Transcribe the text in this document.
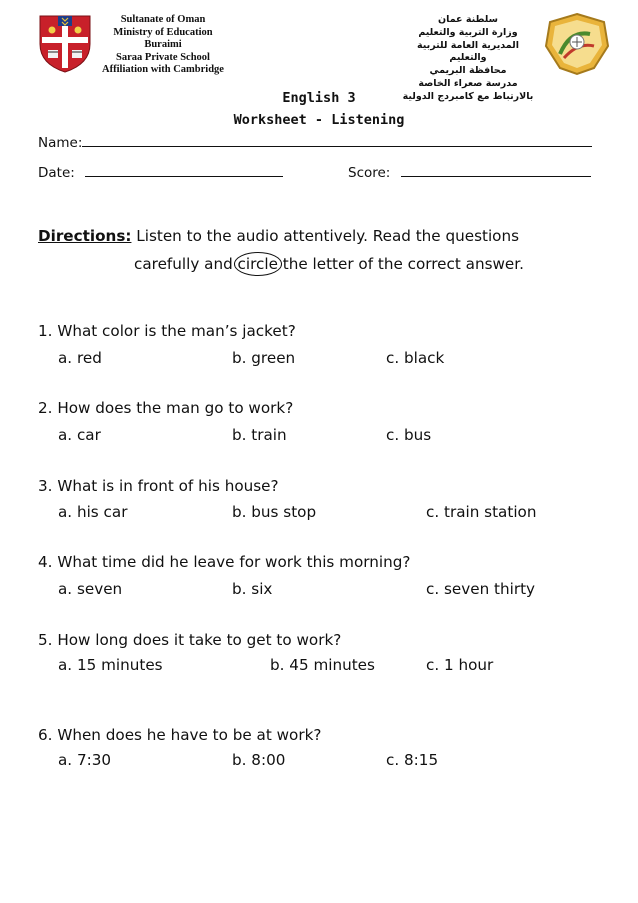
Sultanate of Oman
Ministry of Education
Buraimi
Saraa Private School
Affiliation with Cambridge
سلطنة عمان
وزارة التربية والتعليم
المديرية العامة للتربية والتعليم
محافظة البريمي
مدرسة صعراء الخاصة
بالارتباط مع كامبردج الدولية
English 3
Worksheet - Listening
Name:
Date:	Score:
Directions: Listen to the audio attentively. Read the questions
carefully and circle the letter of the correct answer.
1. What color is the man’s jacket?
a. red	b. green	c. black
2. How does the man go to work?
a. car	b. train	c. bus
3. What is in front of his house?
a. his car	b. bus stop	c. train station
4. What time did he leave for work this morning?
a. seven	b. six	c. seven thirty
5. How long does it take to get to work?
a. 15 minutes	b. 45 minutes	c. 1 hour
6. When does he have to be at work?
a. 7:30	b. 8:00	c. 8:15
